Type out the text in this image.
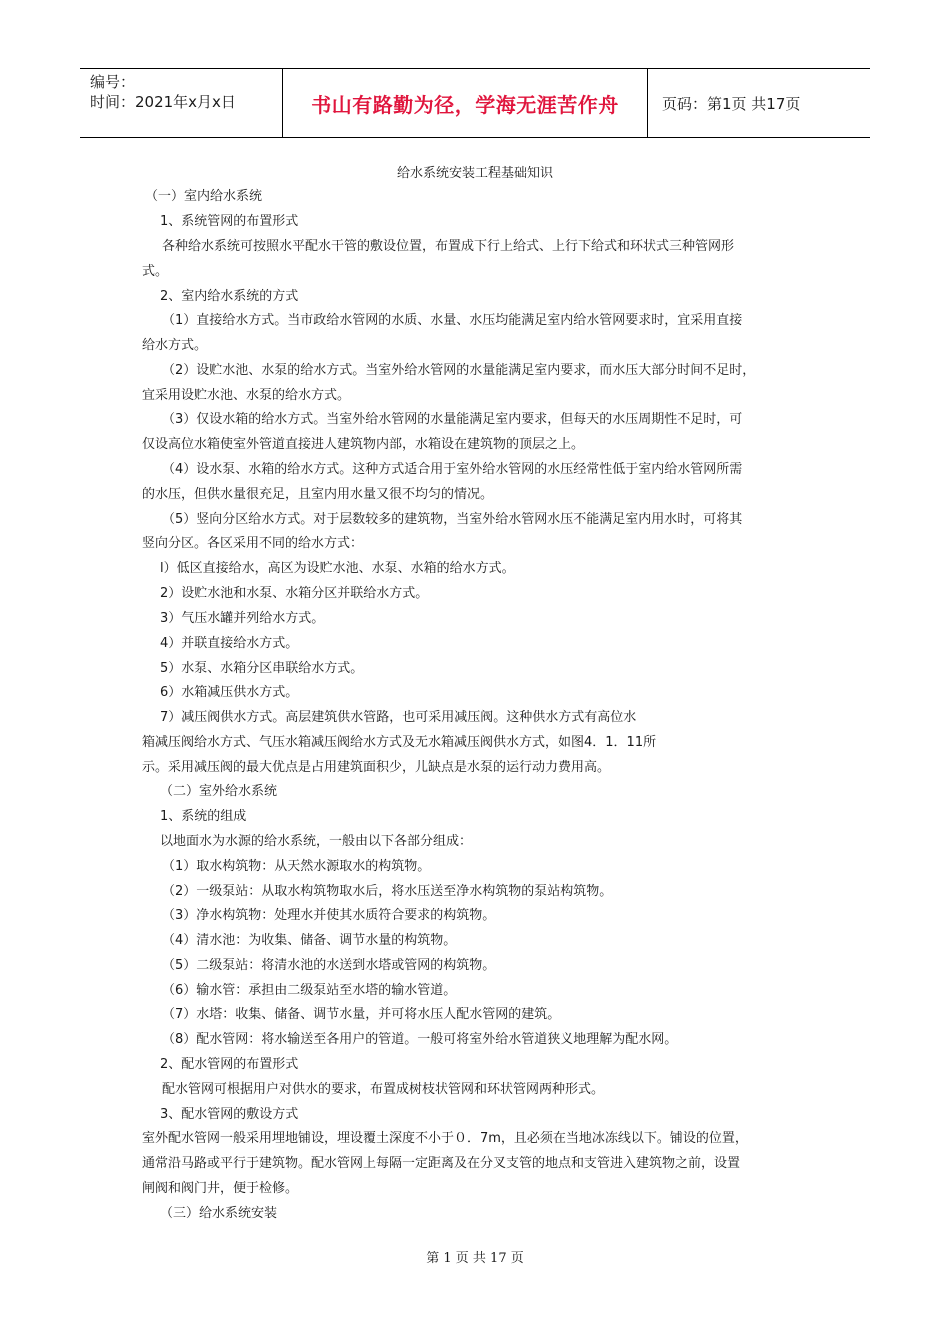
编号：
时间：2021年x月x日	书山有路勤为径，学海无涯苦作舟	页码：第1页 共17页
给水系统安装工程基础知识
（一）室内给水系统
1、系统管网的布置形式
各种给水系统可按照水平配水干管的敷设位置，布置成下行上给式、上行下给式和环状式三种管网形
式。
2、室内给水系统的方式
（1）直接给水方式。当市政给水管网的水质、水量、水压均能满足室内给水管网要求时，宜采用直接
给水方式。
（2）设贮水池、水泵的给水方式。当室外给水管网的水量能满足室内要求，而水压大部分时间不足时，
宜采用设贮水池、水泵的给水方式。
（3）仅设水箱的给水方式。当室外给水管网的水量能满足室内要求，但每天的水压周期性不足时，可
仅设高位水箱使室外管道直接进人建筑物内部，水箱设在建筑物的顶层之上。
（4）设水泵、水箱的给水方式。这种方式适合用于室外给水管网的水压经常性低于室内给水管网所需
的水压，但供水量很充足，且室内用水量又很不均匀的情况。
（5）竖向分区给水方式。对于层数较多的建筑物，当室外给水管网水压不能满足室内用水时，可将其
竖向分区。各区采用不同的给水方式：
l）低区直接给水，高区为设贮水池、水泵、水箱的给水方式。
2）设贮水池和水泵、水箱分区并联给水方式。
3）气压水罐并列给水方式。
4）并联直接给水方式。
5）水泵、水箱分区串联给水方式。
6）水箱减压供水方式。
7）减压阀供水方式。高层建筑供水管路，也可采用减压阀。这种供水方式有高位水
箱减压阀给水方式、气压水箱减压阀给水方式及无水箱减压阀供水方式，如图4．1．11所
示。采用减压阀的最大优点是占用建筑面积少，儿缺点是水泵的运行动力费用高。
（二）室外给水系统
1、系统的组成
以地面水为水源的给水系统，一般由以下各部分组成：
（1）取水构筑物：从天然水源取水的构筑物。
（2）一级泵站：从取水构筑物取水后，将水压送至净水构筑物的泵站构筑物。
（3）净水构筑物：处理水并使其水质符合要求的构筑物。
（4）清水池：为收集、储备、调节水量的构筑物。
（5）二级泵站：将清水池的水送到水塔或管网的构筑物。
（6）输水管：承担由二级泵站至水塔的输水管道。
（7）水塔：收集、储备、调节水量，并可将水压人配水管网的建筑。
（8）配水管网：将水输送至各用户的管道。一般可将室外给水管道狭义地理解为配水网。
2、配水管网的布置形式
配水管网可根据用户对供水的要求，布置成树枝状管网和环状管网两种形式。
3、配水管网的敷设方式
室外配水管网一般采用埋地铺设，埋设覆土深度不小于０．7m，且必须在当地冰冻线以下。铺设的位置，
通常沿马路或平行于建筑物。配水管网上每隔一定距离及在分叉支管的地点和支管进入建筑物之前，设置
闸阀和阀门井，便于检修。
（三）给水系统安装
第 1 页 共 17 页
